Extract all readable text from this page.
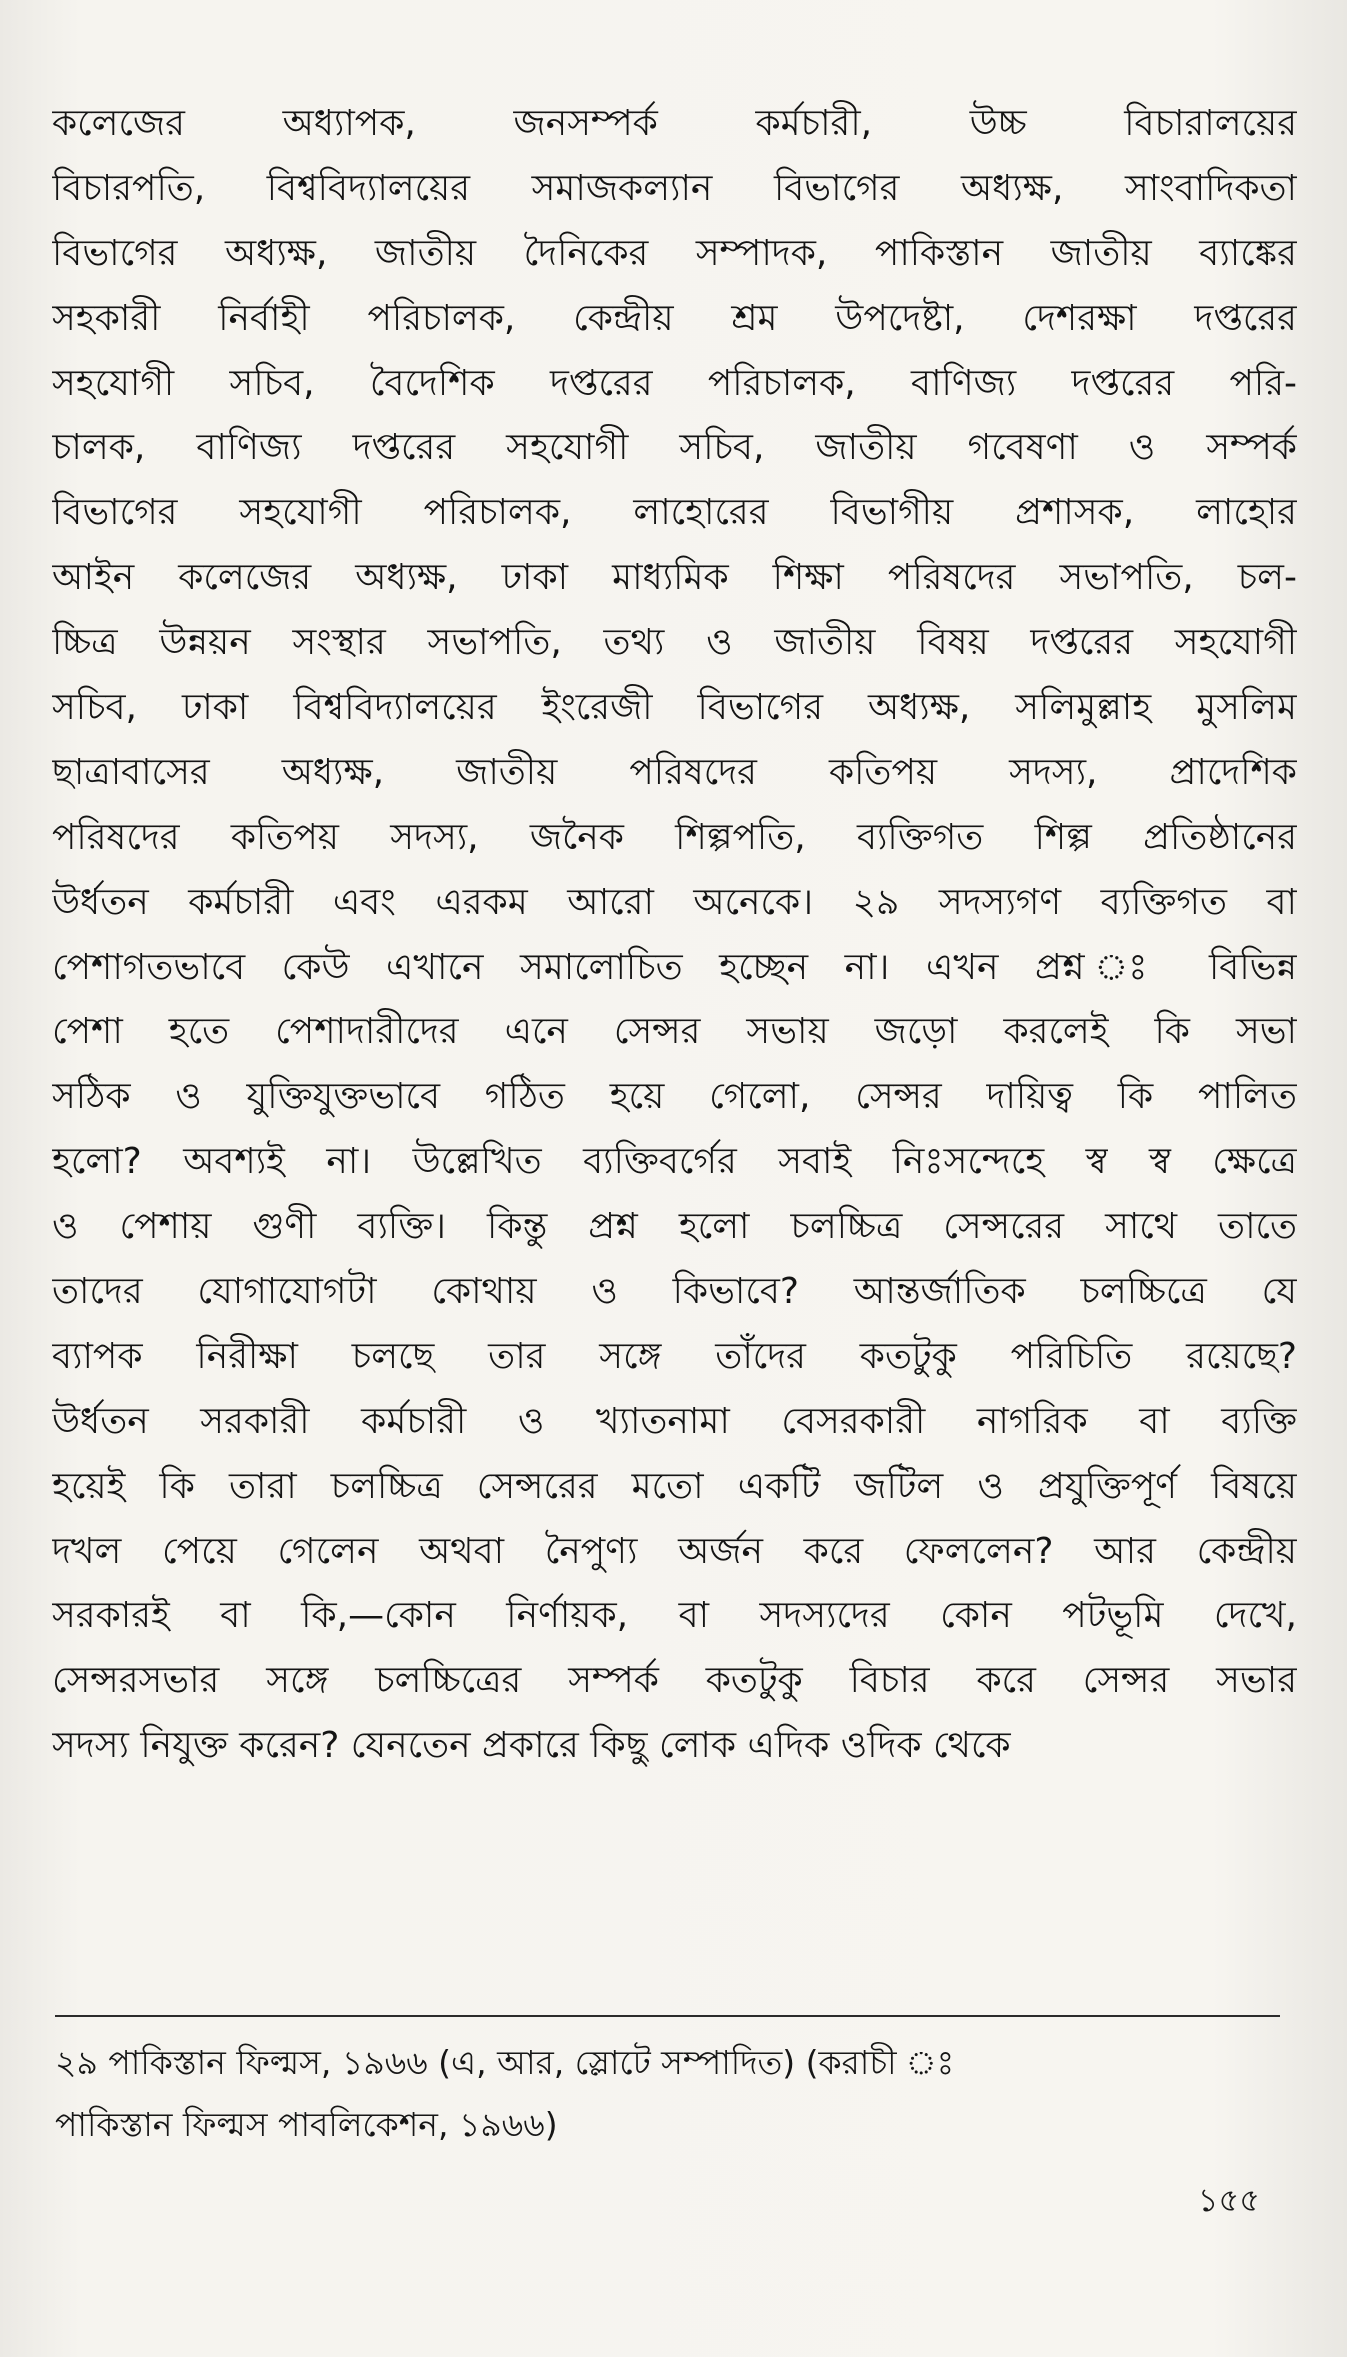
কলেজের অধ্যাপক, জনসম্পর্ক কর্মচারী, উচ্চ বিচারালয়ের
বিচারপতি, বিশ্ববিদ্যালয়ের সমাজকল্যান বিভাগের অধ্যক্ষ, সাংবাদিকতা
বিভাগের অধ্যক্ষ, জাতীয় দৈনিকের সম্পাদক, পাকিস্তান জাতীয় ব্যাঙ্কের
সহকারী নির্বাহী পরিচালক, কেন্দ্রীয় শ্রম উপদেষ্টা, দেশরক্ষা দপ্তরের
সহযোগী সচিব, বৈদেশিক দপ্তরের পরিচালক, বাণিজ্য দপ্তরের পরি-
চালক, বাণিজ্য দপ্তরের সহযোগী সচিব, জাতীয় গবেষণা ও সম্পর্ক
বিভাগের সহযোগী পরিচালক, লাহোরের বিভাগীয় প্রশাসক, লাহোর
আইন কলেজের অধ্যক্ষ, ঢাকা মাধ্যমিক শিক্ষা পরিষদের সভাপতি, চল-
চ্চিত্র উন্নয়ন সংস্থার সভাপতি, তথ্য ও জাতীয় বিষয় দপ্তরের সহযোগী
সচিব, ঢাকা বিশ্ববিদ্যালয়ের ইংরেজী বিভাগের অধ্যক্ষ, সলিমুল্লাহ মুসলিম
ছাত্রাবাসের অধ্যক্ষ, জাতীয় পরিষদের কতিপয় সদস্য, প্রাদেশিক
পরিষদের কতিপয় সদস্য, জনৈক শিল্পপতি, ব্যক্তিগত শিল্প প্রতিষ্ঠানের
উর্ধতন কর্মচারী এবং এরকম আরো অনেকে। ২৯ সদস্যগণ ব্যক্তিগত বা
পেশাগতভাবে কেউ এখানে সমালোচিত হচ্ছেন না। এখন প্রশ্ন ঃ বিভিন্ন
পেশা হতে পেশাদারীদের এনে সেন্সর সভায় জড়ো করলেই কি সভা
সঠিক ও যুক্তিযুক্তভাবে গঠিত হয়ে গেলো, সেন্সর দায়িত্ব কি পালিত
হলো? অবশ্যই না। উল্লেখিত ব্যক্তিবর্গের সবাই নিঃসন্দেহে স্ব স্ব ক্ষেত্রে
ও পেশায় গুণী ব্যক্তি। কিন্তু প্রশ্ন হলো চলচ্চিত্র সেন্সরের সাথে তাতে
তাদের যোগাযোগটা কোথায় ও কিভাবে? আন্তর্জাতিক চলচ্চিত্রে যে
ব্যাপক নিরীক্ষা চলছে তার সঙ্গে তাঁদের কতটুকু পরিচিতি রয়েছে?
উর্ধতন সরকারী কর্মচারী ও খ্যাতনামা বেসরকারী নাগরিক বা ব্যক্তি
হয়েই কি তারা চলচ্চিত্র সেন্সরের মতো একটি জটিল ও প্রযুক্তিপূর্ণ বিষয়ে
দখল পেয়ে গেলেন অথবা নৈপুণ্য অর্জন করে ফেললেন? আর কেন্দ্রীয়
সরকারই বা কি,—কোন নির্ণায়ক, বা সদস্যদের কোন পটভূমি দেখে,
সেন্সরসভার সঙ্গে চলচ্চিত্রের সম্পর্ক কতটুকু বিচার করে সেন্সর সভার
সদস্য নিযুক্ত করেন? যেনতেন প্রকারে কিছু লোক এদিক ওদিক থেকে
২৯ পাকিস্তান ফিল্মস, ১৯৬৬ (এ, আর, স্লোটে সম্পাদিত) (করাচী ঃ
পাকিস্তান ফিল্মস পাবলিকেশন, ১৯৬৬)
১৫৫
